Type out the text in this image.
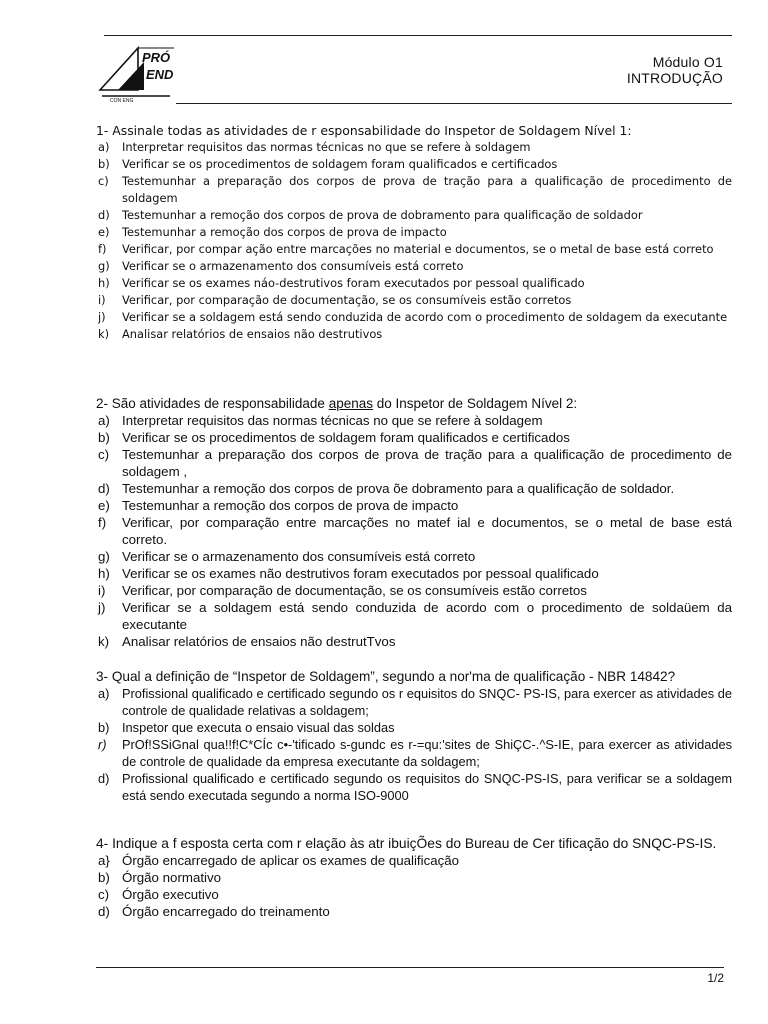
PRÓ
END
CON ENG
Módulo O1
INTRODUÇÃO
1- Assinale todas as atividades de r esponsabilidade do Inspetor de Soldagem Nível 1:
a) Interpretar requisitos das normas técnicas no que se refere à soldagem
b) Verificar se os procedimentos de soldagem foram qualificados e certificados
c) Testemunhar a preparação dos corpos de prova de tração para a qualificação de procedimento de soldagem
d) Testemunhar a remoção dos corpos de prova de dobramento para qualificação de soldador
e) Testemunhar a remoção dos corpos de prova de impacto
f) Verificar, por compar ação entre marcações no material e documentos, se o metal de base está correto
g) Verificar se o armazenamento dos consumíveis está correto
h) Verificar se os exames náo-destrutivos foram executados por pessoal qualificado
i) Verificar, por comparação de documentação, se os consumíveis estão corretos
j) Verificar se a soldagem está sendo conduzida de acordo com o procedimento de soldagem da executante
k) Analisar relatórios de ensaios não destrutivos
2- São atividades de responsabilidade apenas do Inspetor de Soldagem Nível 2:
a) Interpretar requisitos das normas técnicas no que se refere à soldagem
b) Verificar se os procedimentos de soldagem foram qualificados e certificados
c) Testemunhar a preparação dos corpos de prova de tração para a qualificação de procedimento de soldagem ,
d) Testemunhar a remoção dos corpos de prova õe dobramento para a qualificação de soldador.
e) Testemunhar a remoção dos corpos de prova de impacto
f) Verificar, por comparação entre marcações no matef ial e documentos, se o metal de base está correto.
g) Verificar se o armazenamento dos consumíveis está correto
h) Verificar se os exames não destrutivos foram executados por pessoal qualificado
i) Verificar, por comparação de documentação, se os consumíveis estão corretos
j) Verificar se a soldagem está sendo conduzida de acordo com o procedimento de soldaüem da executante
k) Analisar relatórios de ensaios não destrutTvos
3- Qual a definição de “Inspetor de Soldagem”, segundo a nor'ma de qualificação - NBR 14842?
a) Profissional qualificado e certificado segundo os r equisitos do SNQC- PS-IS, para exercer as atividades de controle de qualidade relativas a soldagem;
b) Inspetor que executa o ensaio visual das soldas
r) PrOf!SSiGnal qua!!f!C*CÍc c•-'tificado s-gundc es r-=qu:'sites de ShiÇC-.^S-IE, para exercer as atividades de controle de qualidade da empresa executante da soldagem;
d) Profissional qualificado e certificado segundo os requisitos do SNQC-PS-IS, para verificar se a soldagem está sendo executada segundo a norma ISO-9000
4- Indique a f esposta certa com r elação às atr ibuiçÕes do Bureau de Cer tificação do SNQC-PS-IS.
a} Órgão encarregado de aplicar os exames de qualificação
b) Órgão normativo
c) Órgão executivo
d) Órgão encarregado do treinamento
1/2
